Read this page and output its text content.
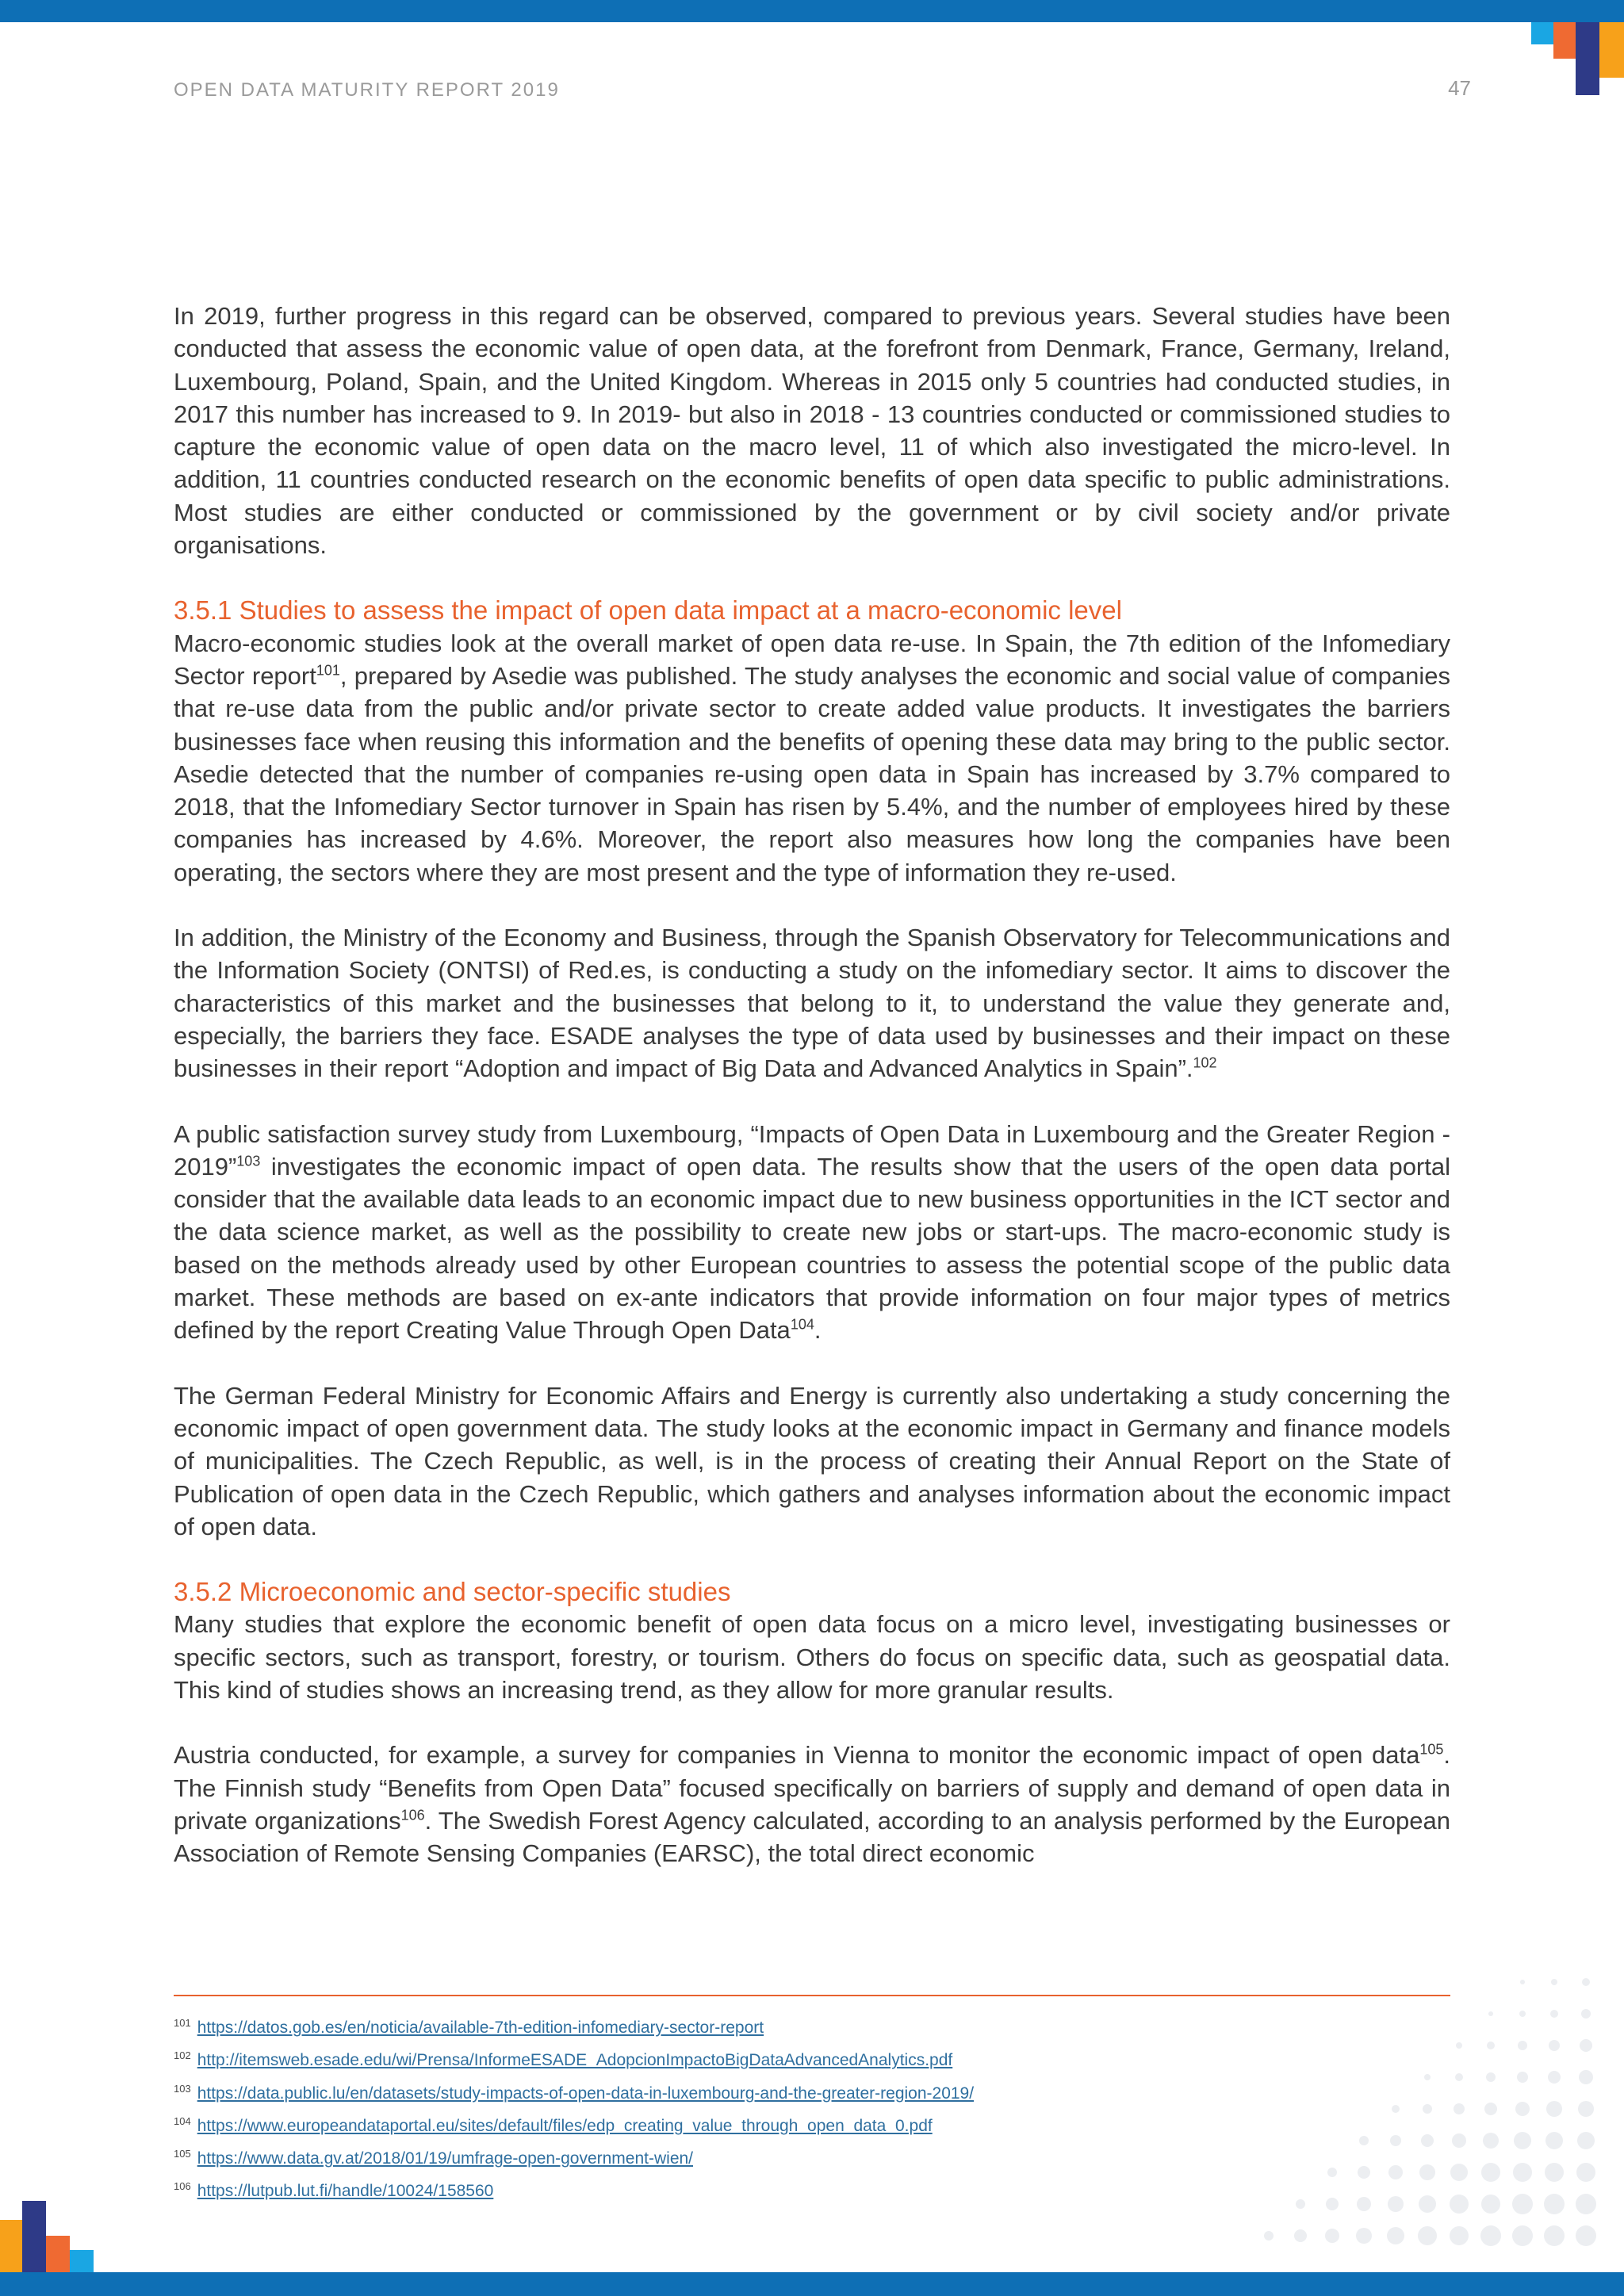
OPEN DATA MATURITY REPORT 2019	47

In 2019, further progress in this regard can be observed, compared to previous years. Several studies have been conducted that assess the economic value of open data, at the forefront from Denmark, France, Germany, Ireland, Luxembourg, Poland, Spain, and the United Kingdom. Whereas in 2015 only 5 countries had conducted studies, in 2017 this number has increased to 9. In 2019- but also in 2018 - 13 countries conducted or commissioned studies to capture the economic value of open data on the macro level, 11 of which also investigated the micro-level. In addition, 11 countries conducted research on the economic benefits of open data specific to public administrations. Most studies are either conducted or commissioned by the government or by civil society and/or private organisations.

3.5.1 Studies to assess the impact of open data impact at a macro-economic level

Macro-economic studies look at the overall market of open data re-use. In Spain, the 7th edition of the Infomediary Sector report$^{101}$, prepared by Asedie was published. The study analyses the economic and social value of companies that re-use data from the public and/or private sector to create added value products. It investigates the barriers businesses face when reusing this information and the benefits of opening these data may bring to the public sector. Asedie detected that the number of companies re-using open data in Spain has increased by 3.7% compared to 2018, that the Infomediary Sector turnover in Spain has risen by 5.4%, and the number of employees hired by these companies has increased by 4.6%. Moreover, the report also measures how long the companies have been operating, the sectors where they are most present and the type of information they re-used.

In addition, the Ministry of the Economy and Business, through the Spanish Observatory for Telecommunications and the Information Society (ONTSI) of Red.es, is conducting a study on the infomediary sector. It aims to discover the characteristics of this market and the businesses that belong to it, to understand the value they generate and, especially, the barriers they face. ESADE analyses the type of data used by businesses and their impact on these businesses in their report “Adoption and impact of Big Data and Advanced Analytics in Spain”.$^{102}$

A public satisfaction survey study from Luxembourg, “Impacts of Open Data in Luxembourg and the Greater Region - 2019”$^{103}$ investigates the economic impact of open data. The results show that the users of the open data portal consider that the available data leads to an economic impact due to new business opportunities in the ICT sector and the data science market, as well as the possibility to create new jobs or start-ups. The macro-economic study is based on the methods already used by other European countries to assess the potential scope of the public data market. These methods are based on ex-ante indicators that provide information on four major types of metrics defined by the report Creating Value Through Open Data$^{104}$.

The German Federal Ministry for Economic Affairs and Energy is currently also undertaking a study concerning the economic impact of open government data. The study looks at the economic impact in Germany and finance models of municipalities. The Czech Republic, as well, is in the process of creating their Annual Report on the State of Publication of open data in the Czech Republic, which gathers and analyses information about the economic impact of open data.

3.5.2 Microeconomic and sector-specific studies

Many studies that explore the economic benefit of open data focus on a micro level, investigating businesses or specific sectors, such as transport, forestry, or tourism. Others do focus on specific data, such as geospatial data. This kind of studies shows an increasing trend, as they allow for more granular results.

Austria conducted, for example, a survey for companies in Vienna to monitor the economic impact of open data$^{105}$. The Finnish study “Benefits from Open Data” focused specifically on barriers of supply and demand of open data in private organizations$^{106}$. The Swedish Forest Agency calculated, according to an analysis performed by the European Association of Remote Sensing Companies (EARSC), the total direct economic

$^{101}$ https://datos.gob.es/en/noticia/available-7th-edition-infomediary-sector-report
$^{102}$ http://itemsweb.esade.edu/wi/Prensa/InformeESADE_AdopcionImpactoBigDataAdvancedAnalytics.pdf
$^{103}$ https://data.public.lu/en/datasets/study-impacts-of-open-data-in-luxembourg-and-the-greater-region-2019/
$^{104}$ https://www.europeandataportal.eu/sites/default/files/edp_creating_value_through_open_data_0.pdf
$^{105}$ https://www.data.gv.at/2018/01/19/umfrage-open-government-wien/
$^{106}$ https://lutpub.lut.fi/handle/10024/158560
